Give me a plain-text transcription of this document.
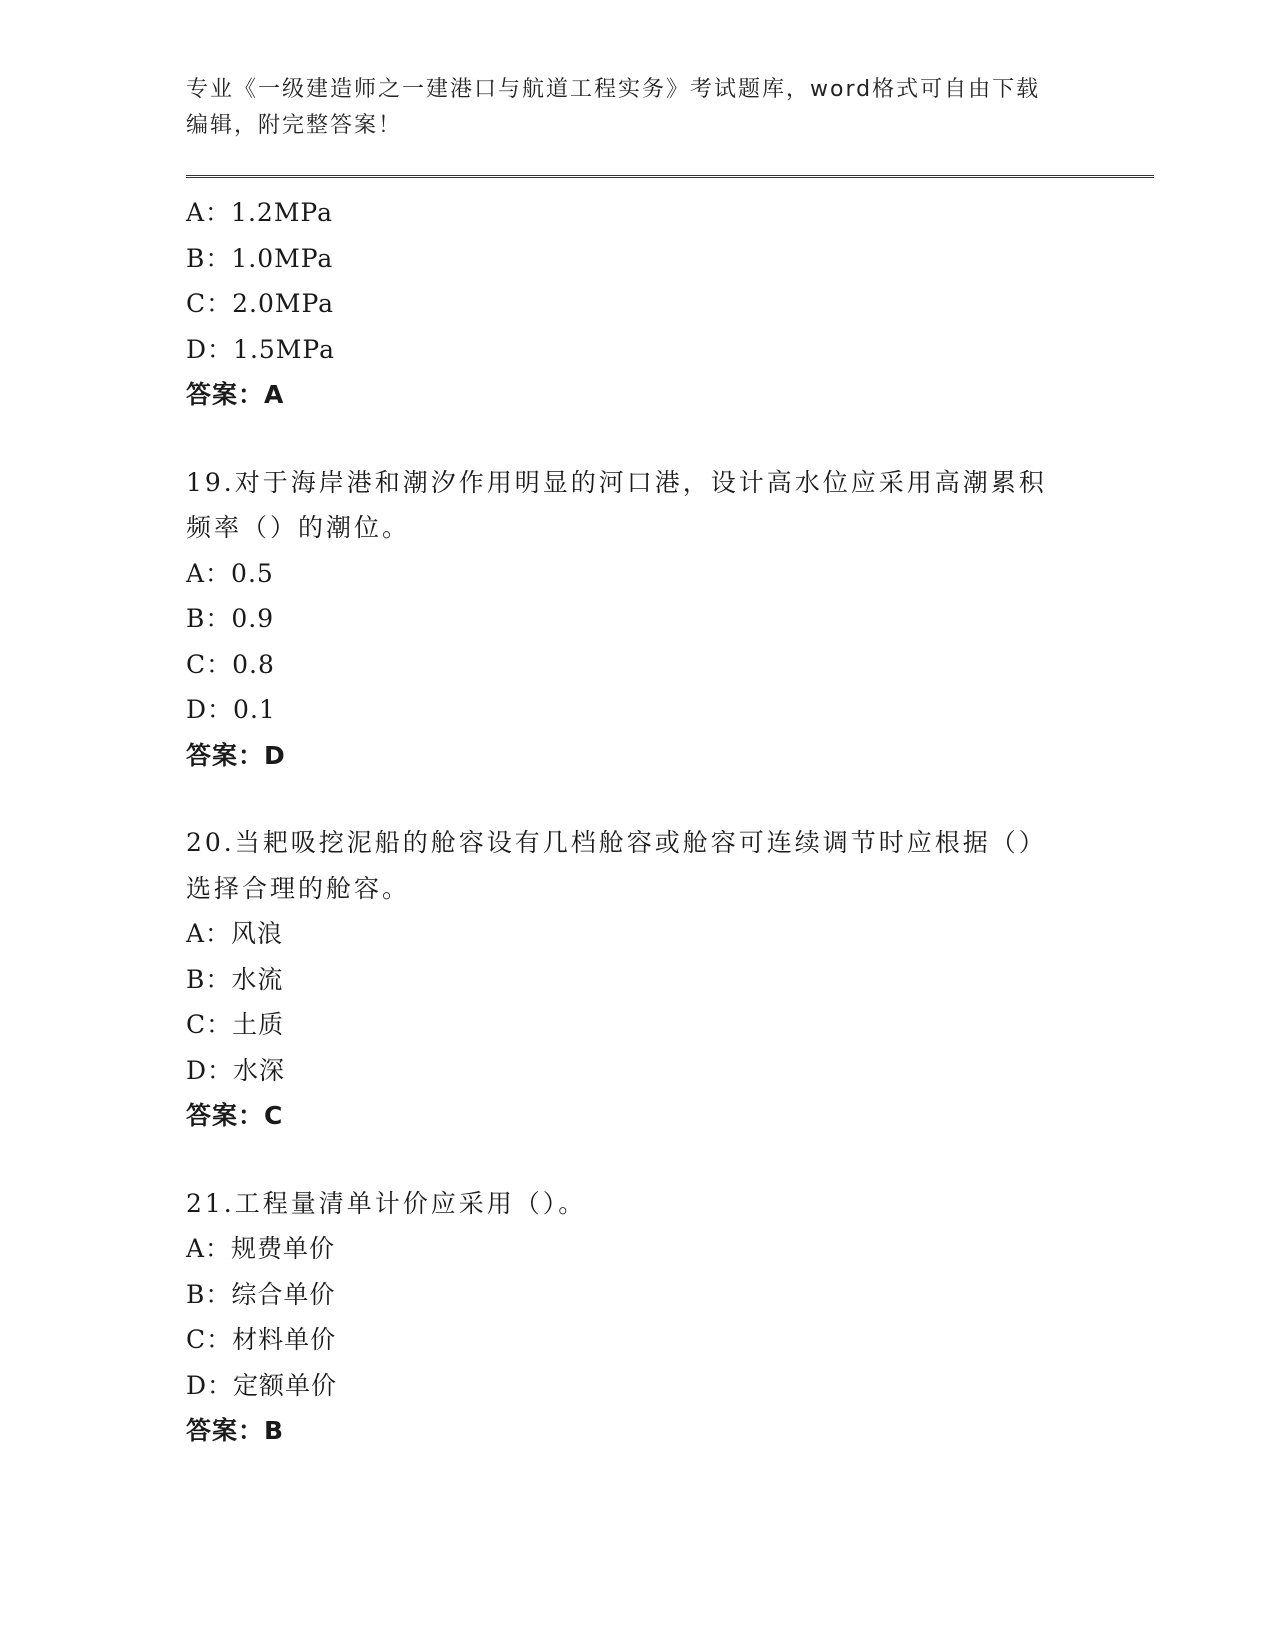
专业《一级建造师之一建港口与航道工程实务》考试题库，word格式可自由下载
编辑，附完整答案！
A：1.2MPa
B：1.0MPa
C：2.0MPa
D：1.5MPa
答案：A
19.对于海岸港和潮汐作用明显的河口港，设计高水位应采用高潮累积
频率（）的潮位。
A：0.5
B：0.9
C：0.8
D：0.1
答案：D
20.当耙吸挖泥船的舱容设有几档舱容或舱容可连续调节时应根据（）
选择合理的舱容。
A：风浪
B：水流
C：土质
D：水深
答案：C
21.工程量清单计价应采用（）。
A：规费单价
B：综合单价
C：材料单价
D：定额单价
答案：B
